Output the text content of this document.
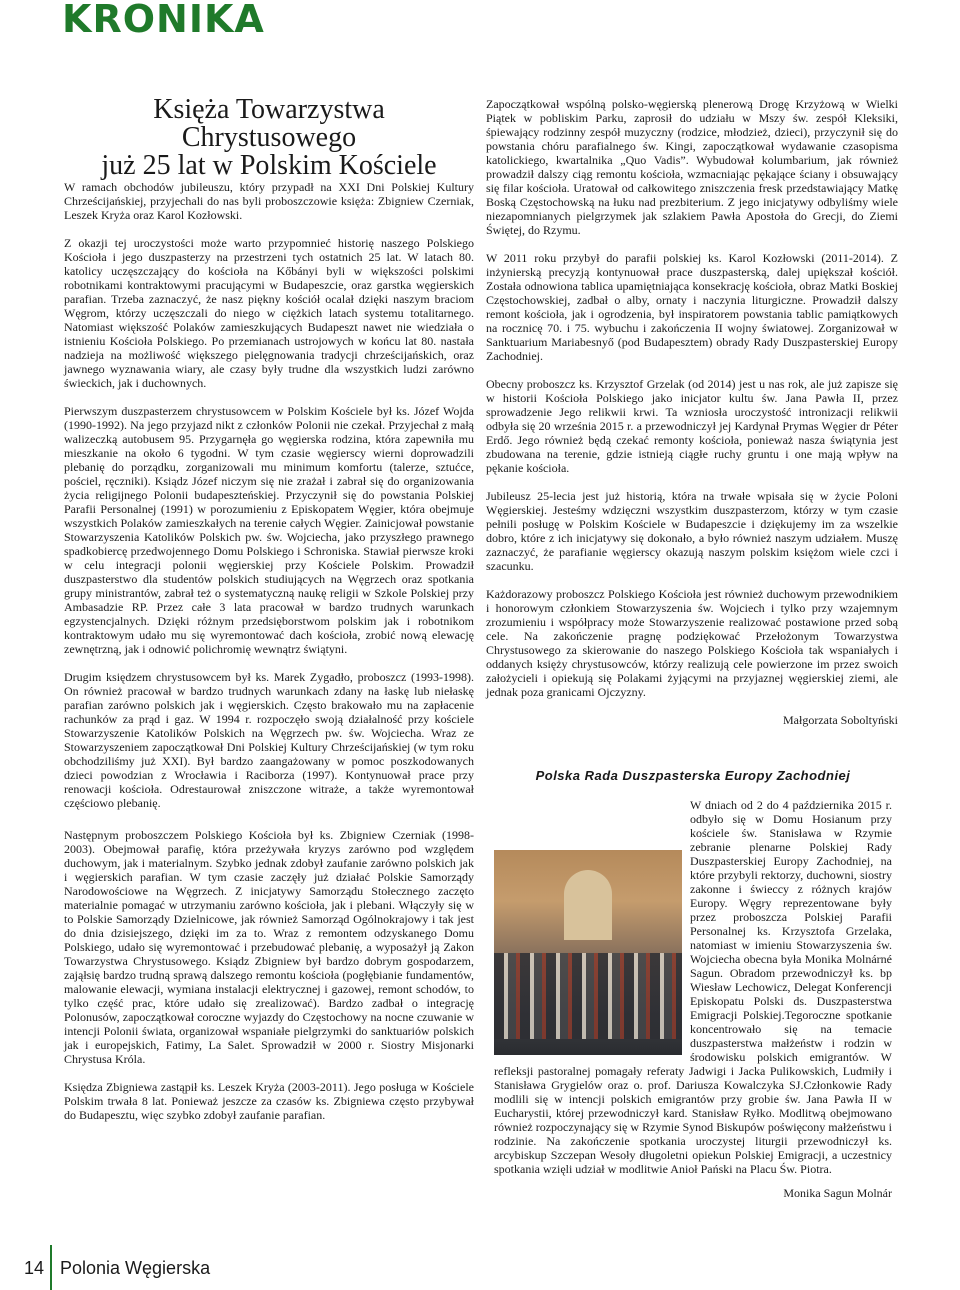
KRONIKA
Księża Towarzystwa
Chrystusowego
już 25 lat w Polskim Kościele

W ramach obchodów jubileuszu, który przypadł na XXI Dni Polskiej Kultury Chrześcijańskiej, przyjechali do nas byli proboszczowie księża: Zbigniew Czerniak, Leszek Kryża oraz Karol Kozłowski.

Z okazji tej uroczystości może warto przypomnieć historię naszego Polskiego Kościoła i jego duszpasterzy na przestrzeni tych ostatnich 25 lat. W latach 80. katolicy uczęszczający do kościoła na Kőbányi byli w większości polskimi robotnikami kontraktowymi pracującymi w Budapeszcie, oraz garstka węgierskich parafian. Trzeba zaznaczyć, że nasz piękny kościół ocalał dzięki naszym braciom Węgrom, którzy uczęszczali do niego w ciężkich latach systemu totalitarnego. Natomiast większość Polaków zamieszkujących Budapeszt nawet nie wiedziała o istnieniu Kościoła Polskiego. Po przemianach ustrojowych w końcu lat 80. nastała nadzieja na możliwość większego pielęgnowania tradycji chrześcijańskich, oraz jawnego wyznawania wiary, ale czasy były trudne dla wszystkich ludzi zarówno świeckich, jak i duchownych.

Pierwszym duszpasterzem chrystusowcem w Polskim Kościele był ks. Józef Wojda (1990-1992). Na jego przyjazd nikt z członków Polonii nie czekał. Przyjechał z małą walizeczką autobusem 95. Przygarnęła go węgierska rodzina, która zapewniła mu mieszkanie na około 6 tygodni. W tym czasie węgierscy wierni doprowadzili plebanię do porządku, zorganizowali mu minimum komfortu (talerze, sztućce, pościel, ręczniki). Ksiądz Józef niczym się nie zrażał i zabrał się do organizowania życia religijnego Polonii budapeszteńskiej. Przyczynił się do powstania Polskiej Parafii Personalnej (1991) w porozumieniu z Episkopatem Węgier, która obejmuje wszystkich Polaków zamieszkałych na terenie całych Węgier. Zainicjował powstanie Stowarzyszenia Katolików Polskich pw. św. Wojciecha, jako przyszłego prawnego spadkobiercę przedwojennego Domu Polskiego i Schroniska. Stawiał pierwsze kroki w celu integracji polonii węgierskiej przy Kościele Polskim. Prowadził duszpasterstwo dla studentów polskich studiujących na Węgrzech oraz spotkania grupy ministrantów, zabrał też o systematyczną naukę religii w Szkole Polskiej przy Ambasadzie RP. Przez całe 3 lata pracował w bardzo trudnych warunkach egzystencjalnych. Dzięki różnym przedsięborstwom polskim jak i robotnikom kontraktowym udało mu się wyremontować dach kościoła, zrobić nową elewację zewnętrzną, jak i odnowić polichromię wewnątrz świątyni.

Drugim księdzem chrystusowcem był ks. Marek Zygadło, proboszcz (1993-1998). On również pracował w bardzo trudnych warunkach zdany na łaskę lub niełaskę parafian zarówno polskich jak i węgierskich. Często brakowało mu na zapłacenie rachunków za prąd i gaz. W 1994 r. rozpoczęło swoją działalność przy kościele Stowarzyszenie Katolików Polskich na Węgrzech pw. św. Wojciecha. Wraz ze Stowarzyszeniem zapoczątkował Dni Polskiej Kultury Chrześcijańskiej (w tym roku obchodziliśmy już XXI). Był bardzo zaangażowany w pomoc poszkodowanych dzieci powodzian z Wrocławia i Raciborza (1997). Kontynuował prace przy renowacji kościoła. Odrestaurował zniszczone witraże, a także wyremontował częściowo plebanię.

Następnym proboszczem Polskiego Kościoła był ks. Zbigniew Czerniak (1998-2003). Obejmował parafię, która przeżywała kryzys zarówno pod względem duchowym, jak i materialnym. Szybko jednak zdobył zaufanie zarówno polskich jak i węgierskich parafian. W tym czasie zaczęły już działać Polskie Samorządy Narodowościowe na Węgrzech. Z inicjatywy Samorządu Stołecznego zaczęto materialnie pomagać w utrzymaniu zarówno kościoła, jak i plebani. Włączyły się w to Polskie Samorządy Dzielnicowe, jak również Samorząd Ogólnokrajowy i tak jest do dnia dzisiejszego, dzięki im za to. Wraz z remontem odzyskanego Domu Polskiego, udało się wyremontować i przebudować plebanię, a wyposażył ją Zakon Towarzystwa Chrystusowego. Ksiądz Zbigniew był bardzo dobrym gospodarzem, zająłsię bardzo trudną sprawą dalszego remontu kościoła (pogłębianie fundamentów, malowanie elewacji, wymiana instalacji elektrycznej i gazowej, remont schodów, to tylko część prac, które udało się zrealizować). Bardzo zadbał o integrację Polonusów, zapoczątkował coroczne wyjazdy do Częstochowy na nocne czuwanie w intencji Polonii świata, organizował wspaniałe pielgrzymki do sanktuariów polskich jak i europejskich, Fatimy, La Salet. Sprowadził w 2000 r. Siostry Misjonarki Chrystusa Króla.

Księdza Zbigniewa zastąpił ks. Leszek Kryża (2003-2011). Jego posługa w Kościele Polskim trwała 8 lat. Ponieważ jeszcze za czasów ks. Zbigniewa często przybywał do Budapesztu, więc szybko zdobył zaufanie parafian.

Zapoczątkował wspólną polsko-węgierską plenerową Drogę Krzyżową w Wielki Piątek w pobliskim Parku, zaprosił do udziału w Mszy św. zespół Kleksiki, śpiewający rodzinny zespół muzyczny (rodzice, młodzież, dzieci), przyczynił się do powstania chóru parafialnego św. Kingi, zapoczątkował wydawanie czasopisma katolickiego, kwartalnika „Quo Vadis”. Wybudował kolumbarium, jak również prowadził dalszy ciąg remontu kościoła, wzmacniając pękające ściany i obsuwający się filar kościoła. Uratował od całkowitego zniszczenia fresk przedstawiający Matkę Boską Częstochowską na łuku nad prezbiterium. Z jego inicjatywy odbyliśmy wiele niezapomnianych pielgrzymek jak szlakiem Pawła Apostoła do Grecji, do Ziemi Świętej, do Rzymu.

W 2011 roku przybył do parafii polskiej ks. Karol Kozłowski (2011-2014). Z inżynierską precyzją kontynuował prace duszpasterską, dalej upiększał kościół. Została odnowiona tablica upamiętniająca konsekrację kościoła, obraz Matki Boskiej Częstochowskiej, zadbał o alby, ornaty i naczynia liturgiczne. Prowadził dalszy remont kościoła, jak i ogrodzenia, był inspiratorem powstania tablic pamiątkowych na rocznicę 70. i 75. wybuchu i zakończenia II wojny światowej. Zorganizował w Sanktuarium Mariabesnyő (pod Budapesztem) obrady Rady Duszpasterskiej Europy Zachodniej.

Obecny proboszcz ks. Krzysztof Grzelak (od 2014) jest u nas rok, ale już zapisze się w historii Kościoła Polskiego jako inicjator kultu św. Jana Pawła II, przez sprowadzenie Jego relikwii krwi. Ta wzniosła uroczystość intronizacji relikwii odbyła się 20 września 2015 r. a przewodniczył jej Kardynał Prymas Węgier dr Péter Erdő. Jego również będą czekać remonty kościoła, ponieważ nasza świątynia jest zbudowana na terenie, gdzie istnieją ciągłe ruchy gruntu i one mają wpływ na pękanie kościoła.

Jubileusz 25-lecia jest już historią, która na trwałe wpisała się w życie Poloni Węgierskiej. Jesteśmy wdzięczni wszystkim duszpasterzom, którzy w tym czasie pełnili posługę w Polskim Kościele w Budapeszcie i dziękujemy im za wszelkie dobro, które z ich inicjatywy się dokonało, a było również naszym udziałem. Muszę zaznaczyć, że parafianie węgierscy okazują naszym polskim księżom wiele czci i szacunku.

Każdorazowy proboszcz Polskiego Kościoła jest również duchowym przewodnikiem i honorowym członkiem Stowarzyszenia św. Wojciech i tylko przy wzajemnym zrozumieniu i współpracy może Stowarzyszenie realizować postawione przed sobą cele. Na zakończenie pragnę podziękować Przełożonym Towarzystwa Chrystusowego za skierowanie do naszego Polskiego Kościoła tak wspaniałych i oddanych księży chrystusowców, którzy realizują cele powierzone im przez swoich założycieli i opiekują się Polakami żyjącymi na przyjaznej węgierskiej ziemi, ale jednak poza granicami Ojczyzny.

Małgorzata Soboltyński

Polska Rada Duszpasterska Europy Zachodniej

W dniach od 2 do 4 października 2015 r. odbyło się w Domu Hosianum przy kościele św. Stanisława w Rzymie zebranie plenarne Polskiej Rady Duszpasterskiej Europy Zachodniej, na które przybyli rektorzy, duchowni, siostry zakonne i świeccy z różnych krajów Europy. Węgry reprezentowane były przez proboszcza Polskiej Parafii Personalnej ks. Krzysztofa Grzelaka, natomiast w imieniu Stowarzyszenia św. Wojciecha obecna była Monika Molnárné Sagun. Obradom przewodniczył ks. bp Wiesław Lechowicz, Delegat Konferencji Episkopatu Polski ds. Duszpasterstwa Emigracji Polskiej.Tegoroczne spotkanie koncentrowało się na temacie duszpasterstwa małżeństw i rodzin w środowisku polskich emigrantów. W refleksji pastoralnej pomagały referaty Jadwigi i Jacka Pulikowskich, Ludmiły i Stanisława Grygielów oraz o. prof. Dariusza Kowalczyka SJ.Członkowie Rady modlili się w intencji polskich emigrantów przy grobie św. Jana Pawła II w Eucharystii, której przewodniczył kard. Stanisław Ryłko. Modlitwą obejmowano również rozpoczynający się w Rzymie Synod Biskupów poświęcony małżeństwu i rodzinie. Na zakończenie spotkania uroczystej liturgii przewodniczył ks. arcybiskup Szczepan Wesoły długoletni opiekun Polskiej Emigracji, a uczestnicy spotkania wzięli udział w modlitwie Anioł Pański na Placu Św. Piotra.

Monika Sagun Molnár

14 Polonia Węgierska
